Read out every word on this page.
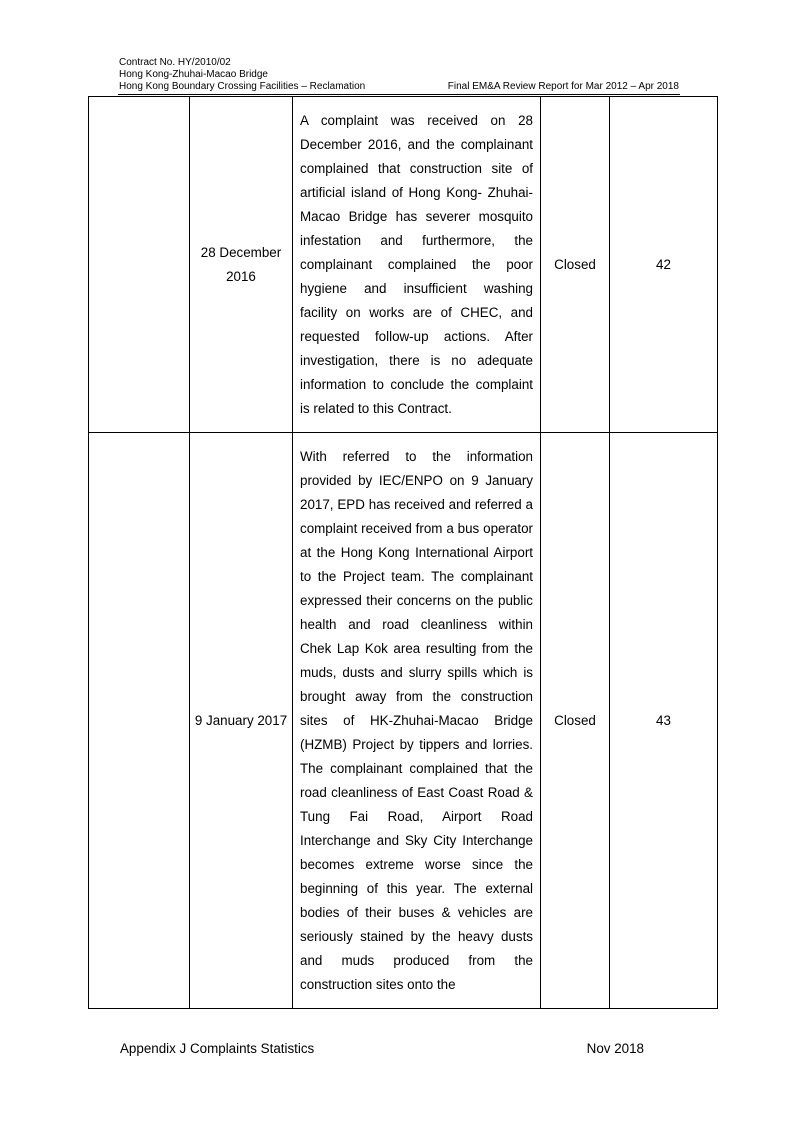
Contract No. HY/2010/02
Hong Kong-Zhuhai-Macao Bridge
Hong Kong Boundary Crossing Facilities – Reclamation	Final EM&A Review Report for Mar 2012 – Apr 2018
	28 December 2016	A complaint was received on 28 December 2016, and the complainant complained that construction site of artificial island of Hong Kong- Zhuhai-Macao Bridge has severer mosquito infestation and furthermore, the complainant complained the poor hygiene and insufficient washing facility on works are of CHEC, and requested follow-up actions. After investigation, there is no adequate information to conclude the complaint is related to this Contract.	Closed	42
	9 January 2017	With referred to the information provided by IEC/ENPO on 9 January 2017, EPD has received and referred a complaint received from a bus operator at the Hong Kong International Airport to the Project team. The complainant expressed their concerns on the public health and road cleanliness within Chek Lap Kok area resulting from the muds, dusts and slurry spills which is brought away from the construction sites of HK-Zhuhai-Macao Bridge (HZMB) Project by tippers and lorries. The complainant complained that the road cleanliness of East Coast Road & Tung Fai Road, Airport Road Interchange and Sky City Interchange becomes extreme worse since the beginning of this year. The external bodies of their buses & vehicles are seriously stained by the heavy dusts and muds produced from the construction sites onto the	Closed	43
Appendix J Complaints Statistics	Nov 2018
